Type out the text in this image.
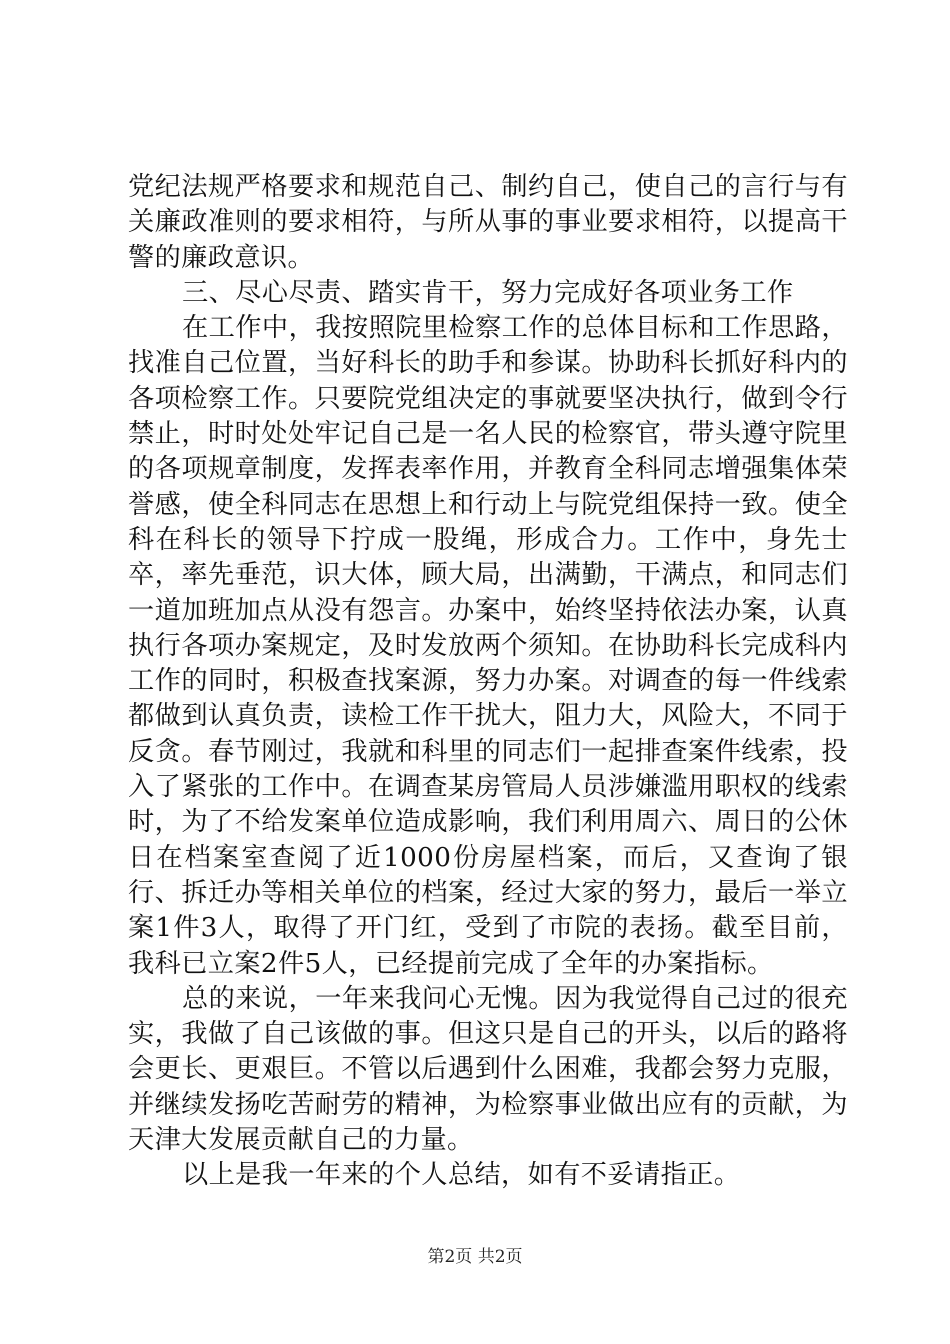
党纪法规严格要求和规范自己、制约自己，使自己的言行与有关廉政准则的要求相符，与所从事的事业要求相符，以提高干警的廉政意识。

三、尽心尽责、踏实肯干，努力完成好各项业务工作

在工作中，我按照院里检察工作的总体目标和工作思路，找准自己位置，当好科长的助手和参谋。协助科长抓好科内的各项检察工作。只要院党组决定的事就要坚决执行，做到令行禁止，时时处处牢记自己是一名人民的检察官，带头遵守院里的各项规章制度，发挥表率作用，并教育全科同志增强集体荣誉感，使全科同志在思想上和行动上与院党组保持一致。使全科在科长的领导下拧成一股绳，形成合力。工作中，身先士卒，率先垂范，识大体，顾大局，出满勤，干满点，和同志们一道加班加点从没有怨言。办案中，始终坚持依法办案，认真执行各项办案规定，及时发放两个须知。在协助科长完成科内工作的同时，积极查找案源，努力办案。对调查的每一件线索都做到认真负责，读检工作干扰大，阻力大，风险大，不同于反贪。春节刚过，我就和科里的同志们一起排查案件线索，投入了紧张的工作中。在调查某房管局人员涉嫌滥用职权的线索时，为了不给发案单位造成影响，我们利用周六、周日的公休日在档案室查阅了近1000份房屋档案，而后，又查询了银行、拆迁办等相关单位的档案，经过大家的努力，最后一举立案1件3人，取得了开门红，受到了市院的表扬。截至目前，我科已立案2件5人，已经提前完成了全年的办案指标。

总的来说，一年来我问心无愧。因为我觉得自己过的很充实，我做了自己该做的事。但这只是自己的开头，以后的路将会更长、更艰巨。不管以后遇到什么困难，我都会努力克服，并继续发扬吃苦耐劳的精神，为检察事业做出应有的贡献，为天津大发展贡献自己的力量。

以上是我一年来的个人总结，如有不妥请指正。

第2页 共2页
